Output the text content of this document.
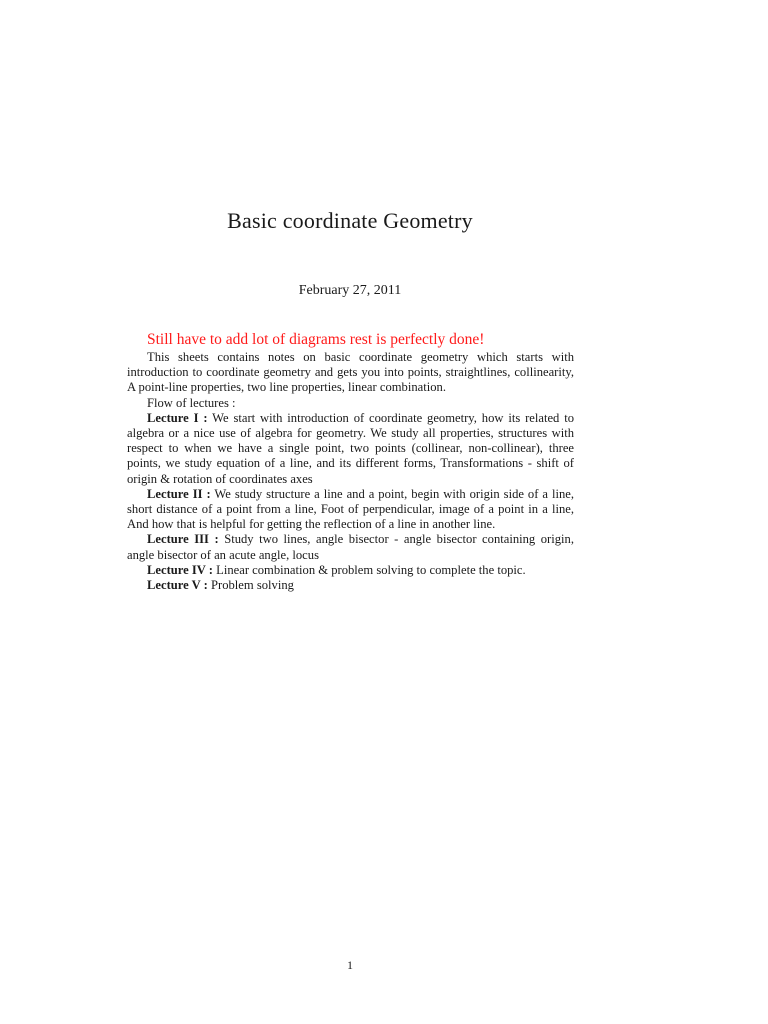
Basic coordinate Geometry
February 27, 2011
Still have to add lot of diagrams rest is perfectly done!

This sheets contains notes on basic coordinate geometry which starts with introduction to coordinate geometry and gets you into points, straightlines, collinearity, A point-line properties, two line properties, linear combination.

Flow of lectures :

Lecture I : We start with introduction of coordinate geometry, how its related to algebra or a nice use of algebra for geometry. We study all properties, structures with respect to when we have a single point, two points (collinear, non-collinear), three points, we study equation of a line, and its different forms, Transformations - shift of origin & rotation of coordinates axes

Lecture II : We study structure a line and a point, begin with origin side of a line, short distance of a point from a line, Foot of perpendicular, image of a point in a line, And how that is helpful for getting the reflection of a line in another line.

Lecture III : Study two lines, angle bisector - angle bisector containing origin, angle bisector of an acute angle, locus

Lecture IV : Linear combination & problem solving to complete the topic.

Lecture V : Problem solving

1
